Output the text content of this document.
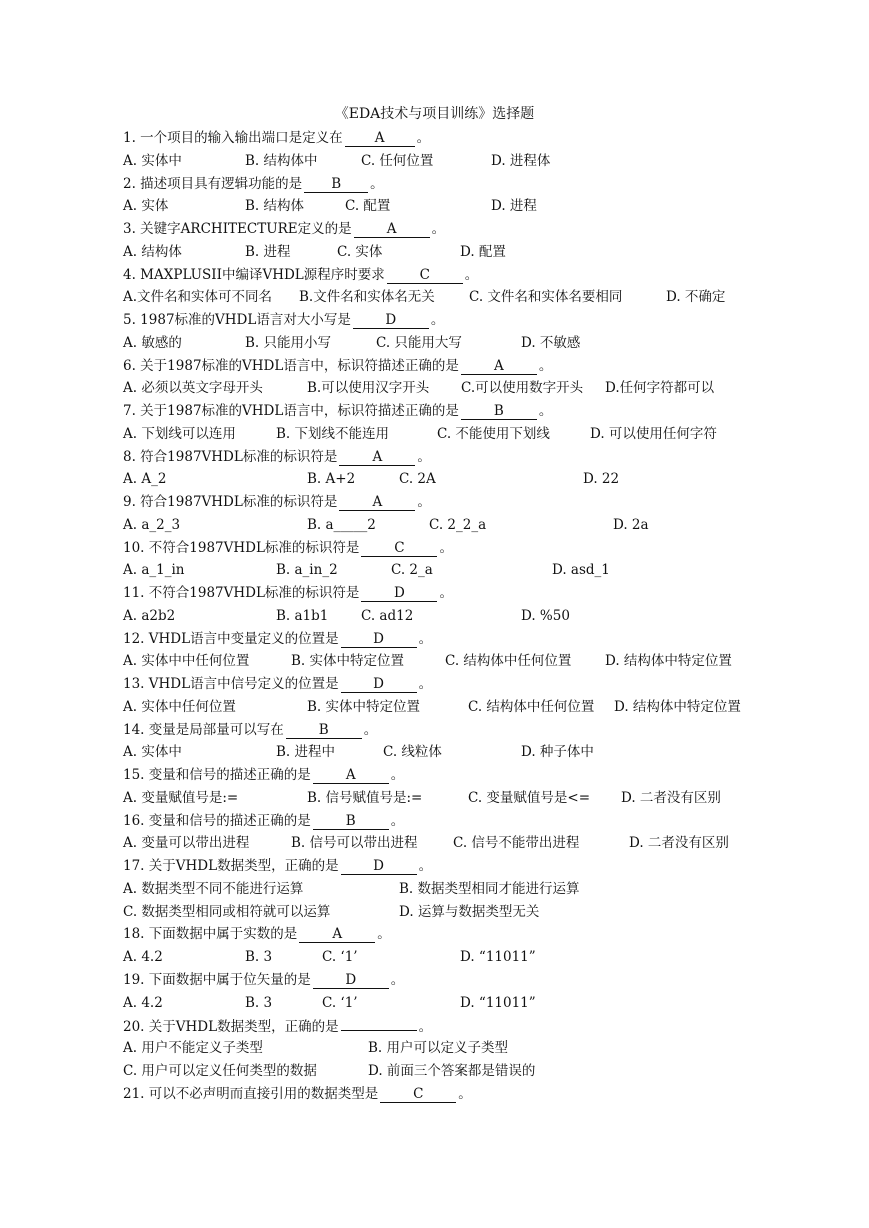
《EDA技术与项目训练》选择题
1. 一个项目的输入输出端口是定义在 A 。
A. 实体中	B. 结构体中	C. 任何位置	D. 进程体
2. 描述项目具有逻辑功能的是 B 。
A. 实体	B. 结构体	C. 配置	D. 进程
3. 关键字ARCHITECTURE定义的是	A	。
A. 结构体	B. 进程	C. 实体	D. 配置
4. MAXPLUSII中编译VHDL源程序时要求	C	。
A.文件名和实体可不同名 B.文件名和实体名无关	C. 文件名和实体名要相同	D. 不确定
5. 1987标准的VHDL语言对大小写是	D	。
A. 敏感的	B. 只能用小写	C. 只能用大写	D. 不敏感
6. 关于1987标准的VHDL语言中，标识符描述正确的是	A	。
A. 必须以英文字母开头	B.可以使用汉字开头 C.可以使用数字开头 D.任何字符都可以
7. 关于1987标准的VHDL语言中，标识符描述正确的是	B	。
A. 下划线可以连用	B. 下划线不能连用	C. 不能使用下划线	D. 可以使用任何字符
8. 符合1987VHDL标准的标识符是	A	。
A. A_2	B. A+2	C. 2A	D. 22
9. 符合1987VHDL标准的标识符是	A	。
A. a_2_3	B. a_____2	C. 2_2_a	D. 2a
10. 不符合1987VHDL标准的标识符是	C	。
A. a_1_in	B. a_in_2	C. 2_a	D. asd_1
11. 不符合1987VHDL标准的标识符是	D	。
A. a2b2	B. a1b1 C. ad12	D. %50
12. VHDL语言中变量定义的位置是	D	。
A. 实体中中任何位置	B. 实体中特定位置	C. 结构体中任何位置 D. 结构体中特定位置
13. VHDL语言中信号定义的位置是	D	。
A. 实体中任何位置	B. 实体中特定位置	C. 结构体中任何位置 D. 结构体中特定位置
14. 变量是局部量可以写在	B	。
A. 实体中	B. 进程中	C. 线粒体	D. 种子体中
15. 变量和信号的描述正确的是	A	。
A. 变量赋值号是:=	B. 信号赋值号是:=	C. 变量赋值号是<= D. 二者没有区别
16. 变量和信号的描述正确的是	B	。
A. 变量可以带出进程	B. 信号可以带出进程	C. 信号不能带出进程	D. 二者没有区别
17. 关于VHDL数据类型，正确的是	D	。
A. 数据类型不同不能进行运算	B. 数据类型相同才能进行运算
C. 数据类型相同或相符就可以运算	D. 运算与数据类型无关
18. 下面数据中属于实数的是	A	。
A. 4.2	B. 3	C. ‘1’	D. “11011”
19. 下面数据中属于位矢量的是	D	。
A. 4.2	B. 3	C. ‘1’	D. “11011”
20. 关于VHDL数据类型，正确的是	。
A. 用户不能定义子类型	B. 用户可以定义子类型
C. 用户可以定义任何类型的数据	D. 前面三个答案都是错误的
21. 可以不必声明而直接引用的数据类型是	C	。
